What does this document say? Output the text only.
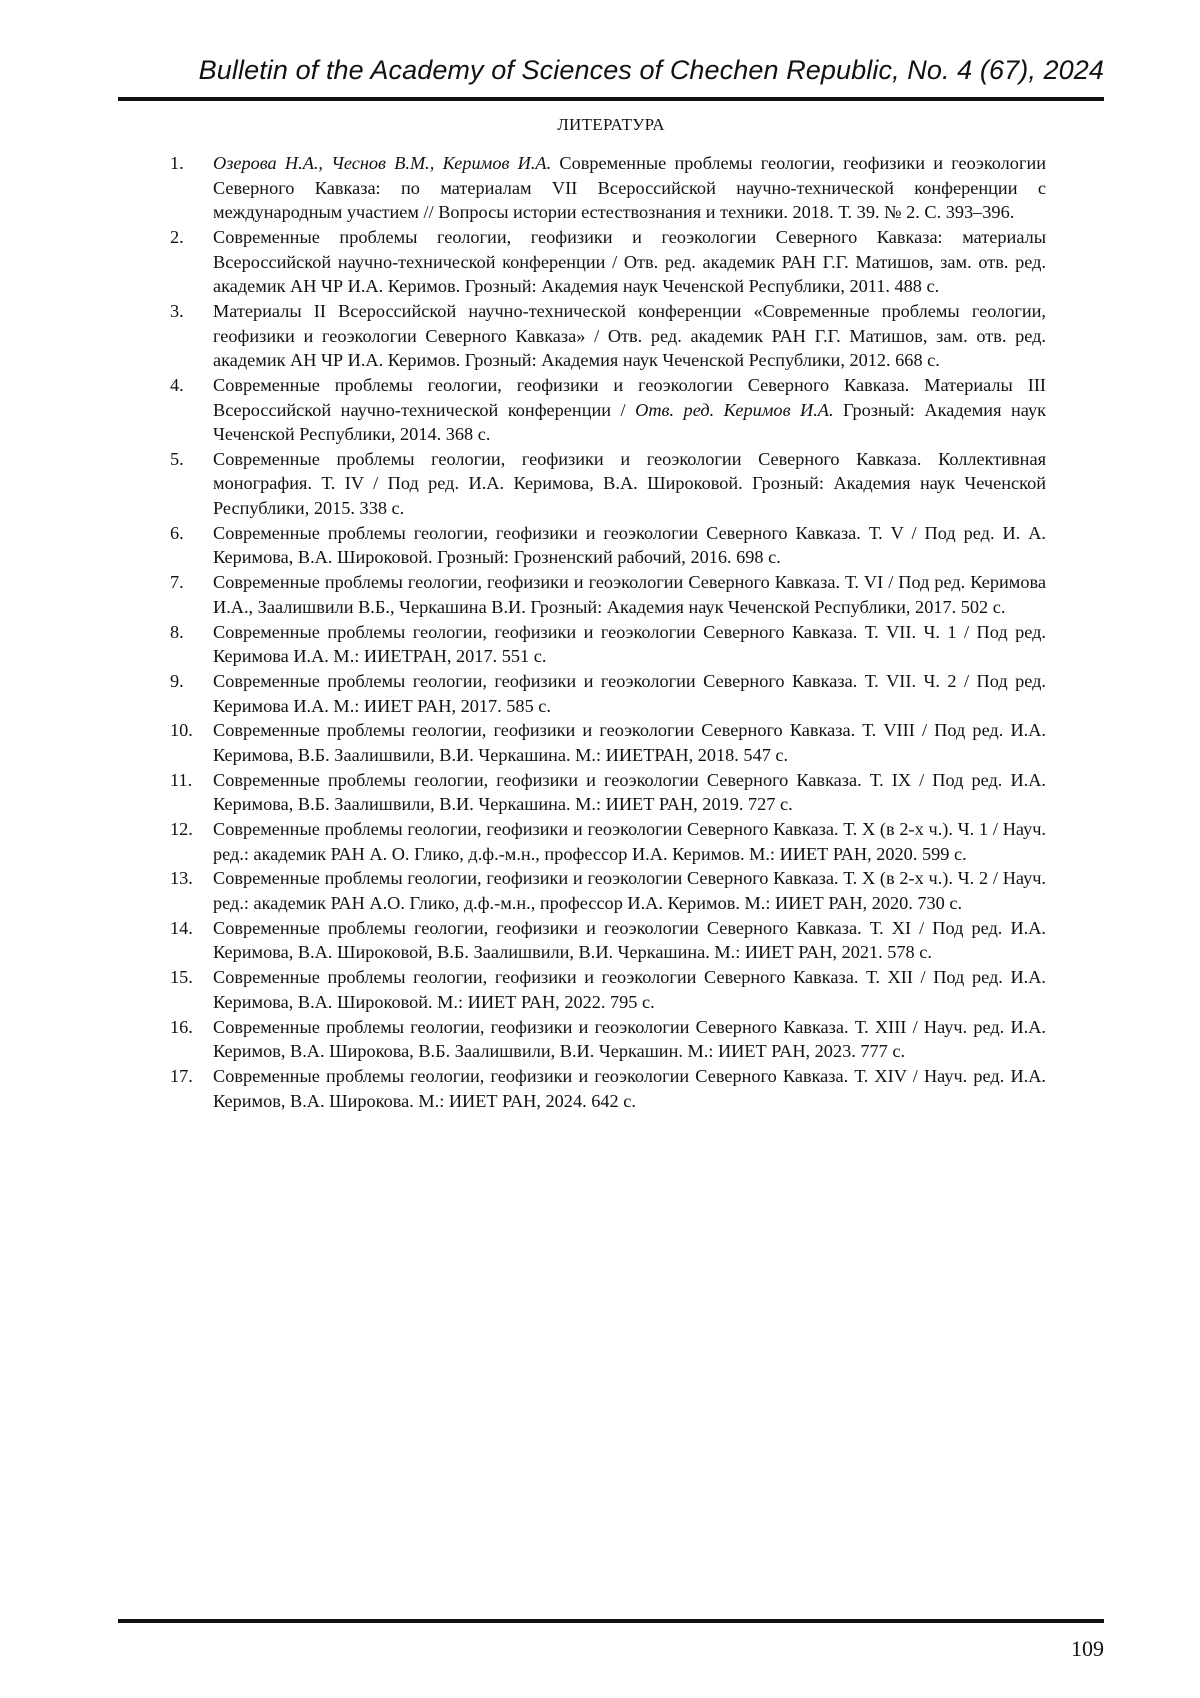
Bulletin of the Academy of Sciences of Chechen Republic, No. 4 (67), 2024
ЛИТЕРАТУРА
1.	Озерова Н.А., Чеснов В.М., Керимов И.А. Современные проблемы геологии, геофизики и геоэкологии Северного Кавказа: по материалам VII Всероссийской научно-технической конференции с международным участием // Вопросы истории естествознания и техники. 2018. Т. 39. № 2. С. 393–396.
2.	Современные проблемы геологии, геофизики и геоэкологии Северного Кавказа: материалы Всероссийской научно-технической конференции / Отв. ред. академик РАН Г.Г. Матишов, зам. отв. ред. академик АН ЧР И.А. Керимов. Грозный: Академия наук Чеченской Республики, 2011. 488 с.
3.	Материалы II Всероссийской научно-технической конференции «Современные проблемы геологии, геофизики и геоэкологии Северного Кавказа» / Отв. ред. академик РАН Г.Г. Матишов, зам. отв. ред. академик АН ЧР И.А. Керимов. Грозный: Академия наук Чеченской Республики, 2012. 668 с.
4.	Современные проблемы геологии, геофизики и геоэкологии Северного Кавказа. Материалы III Всероссийской научно-технической конференции / Отв. ред. Керимов И.А. Грозный: Академия наук Чеченской Республики, 2014. 368 с.
5.	Современные проблемы геологии, геофизики и геоэкологии Северного Кавказа. Коллективная монография. Т. IV / Под ред. И.А. Керимова, В.А. Широковой. Грозный: Академия наук Чеченской Республики, 2015. 338 с.
6.	Современные проблемы геологии, геофизики и геоэкологии Северного Кавказа. Т. V / Под ред. И. А. Керимова, В.А. Широковой. Грозный: Грозненский рабочий, 2016. 698 с.
7.	Современные проблемы геологии, геофизики и геоэкологии Северного Кавказа. Т. VI / Под ред. Керимова И.А., Заалишвили В.Б., Черкашина В.И. Грозный: Академия наук Чеченской Республики, 2017. 502 с.
8.	Современные проблемы геологии, геофизики и геоэкологии Северного Кавказа. Т. VII. Ч. 1 / Под ред. Керимова И.А. М.: ИИЕТРАН, 2017. 551 с.
9.	Современные проблемы геологии, геофизики и геоэкологии Северного Кавказа. Т. VII. Ч. 2 / Под ред. Керимова И.А. М.: ИИЕТ РАН, 2017. 585 с.
10.	Современные проблемы геологии, геофизики и геоэкологии Северного Кавказа. Т. VIII / Под ред. И.А. Керимова, В.Б. Заалишвили, В.И. Черкашина. М.: ИИЕТРАН, 2018. 547 с.
11.	Современные проблемы геологии, геофизики и геоэкологии Северного Кавказа. Т. IX / Под ред. И.А. Керимова, В.Б. Заалишвили, В.И. Черкашина. М.: ИИЕТ РАН, 2019. 727 с.
12.	Современные проблемы геологии, геофизики и геоэкологии Северного Кавказа. Т. X (в 2-х ч.). Ч. 1 / Науч. ред.: академик РАН А. О. Глико, д.ф.-м.н., профессор И.А. Керимов. М.: ИИЕТ РАН, 2020. 599 с.
13.	Современные проблемы геологии, геофизики и геоэкологии Северного Кавказа. Т. X (в 2-х ч.). Ч. 2 / Науч. ред.: академик РАН А.О. Глико, д.ф.-м.н., профессор И.А. Керимов. М.: ИИЕТ РАН, 2020. 730 с.
14.	Современные проблемы геологии, геофизики и геоэкологии Северного Кавказа. Т. XI / Под ред. И.А. Керимова, В.А. Широковой, В.Б. Заалишвили, В.И. Черкашина. М.: ИИЕТ РАН, 2021. 578 с.
15.	Современные проблемы геологии, геофизики и геоэкологии Северного Кавказа. Т. XII / Под ред. И.А. Керимова, В.А. Широковой. М.: ИИЕТ РАН, 2022. 795 с.
16.	Современные проблемы геологии, геофизики и геоэкологии Северного Кавказа. Т. XIII / Науч. ред. И.А. Керимов, В.А. Широкова, В.Б. Заалишвили, В.И. Черкашин. М.: ИИЕТ РАН, 2023. 777 с.
17.	Современные проблемы геологии, геофизики и геоэкологии Северного Кавказа. Т. XIV / Науч. ред. И.А. Керимов, В.А. Широкова. М.: ИИЕТ РАН, 2024. 642 с.
109
